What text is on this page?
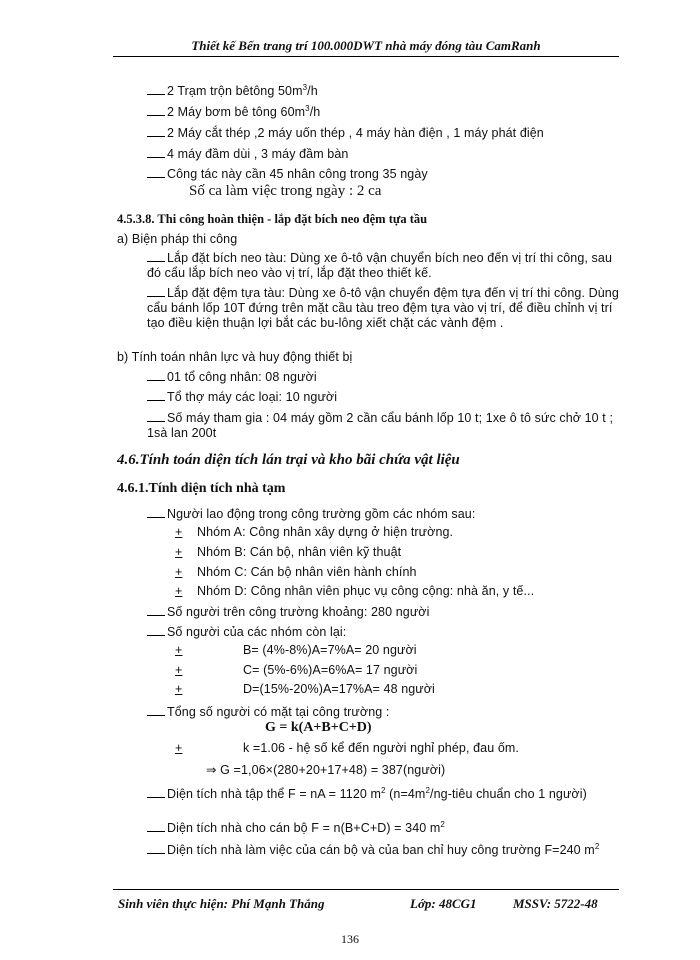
Thiết kế Bến trang trí 100.000DWT nhà máy đóng tàu CamRanh
2 Trạm trộn bêtông $50m^3/h$
2 Máy bơm bê tông $60m^3/h$
2 Máy cắt thép ,2 máy uốn thép , 4 máy hàn điện , 1 máy phát điện
4 máy đầm dùi , 3 máy đầm bàn
Công tác này cần 45 nhân công trong 35 ngày
Số ca làm việc trong ngày : 2 ca
4.5.3.8. Thi công hoàn thiện - lắp đặt bích neo đệm tựa tầu
a) Biện pháp thi công
Lắp đặt bích neo tàu: Dùng xe ô-tô vận chuyển bích neo đến vị trí thi công, sau đó cẩu lắp bích neo vào vị trí, lắp đặt theo thiết kế.
Lắp đặt đệm tựa tàu: Dùng xe ô-tô vận chuyển đệm tựa đến vị trí thi công. Dùng cẩu bánh lốp 10T đứng trên mặt cầu tàu treo đệm tựa vào vị trí, để điều chỉnh vị trí tạo điều kiện thuận lợi bắt các bu-lông xiết chặt các vành đệm .
b) Tính toán nhân lực và huy động thiết bị
01 tổ công nhân: 08 người
Tổ thợ máy các loại: 10 người
Số máy tham gia : 04 máy gồm 2 cần cẩu bánh lốp 10 t; 1xe ô tô sức chở 10 t ; 1sà lan 200t
4.6.Tính toán diện tích lán trại và kho bãi chứa vật liệu
4.6.1.Tính diện tích nhà tạm
Người lao động trong công trường gồm các nhóm sau:
+ Nhóm A: Công nhân xây dựng ở hiện trường.
+ Nhóm B: Cán bộ, nhân viên kỹ thuật
+ Nhóm C: Cán bộ nhân viên hành chính
+ Nhóm D: Công nhân viên phục vụ công cộng: nhà ăn, y tế...
Số người trên công trường khoảng: 280 người
Số người của các nhóm còn lại:
+	B= (4%-8%)A=7%A= 20 người
+	C= (5%-6%)A=6%A= 17 người
+	D=(15%-20%)A=17%A= 48 người
Tổng số người có mặt tại công trường :
G = k(A+B+C+D)
+	k =1.06 - hệ số kể đến người nghỉ phép, đau ốm.
⇒ G =1,06×(280+20+17+48) = 387(người)
Diện tích nhà tập thể F = nA = 1120 $m^2$ ($n=4m^2/ng$-tiêu chuẩn cho 1 người)
Diện tích nhà cho cán bộ F = n(B+C+D) = 340 $m^2$
Diện tích nhà làm việc của cán bộ và của ban chỉ huy công trường F=240 $m^2$
Sinh viên thực hiện: Phí Mạnh Thắng	Lớp: 48CG1	MSSV: 5722-48
136
